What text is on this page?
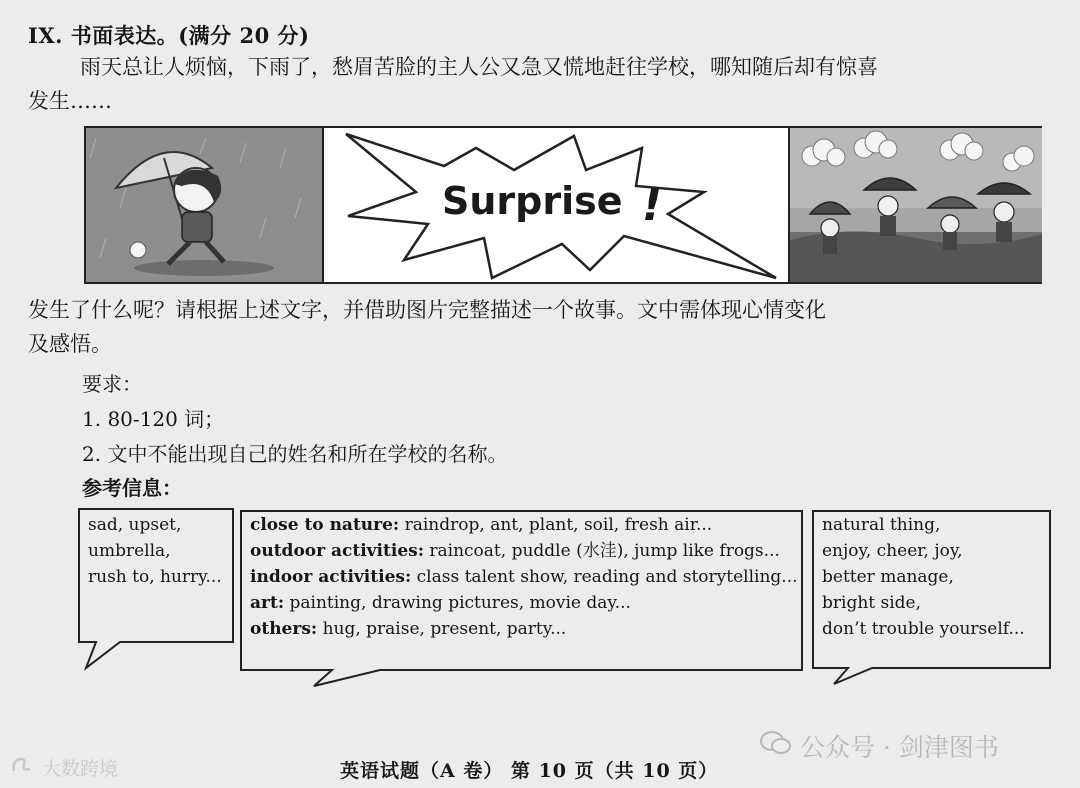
IX. 书面表达。(满分 20 分)
雨天总让人烦恼，下雨了，愁眉苦脸的主人公又急又慌地赶往学校，哪知随后却有惊喜
发生……
Surprise !
发生了什么呢？请根据上述文字，并借助图片完整描述一个故事。文中需体现心情变化
及感悟。
要求：
1. 80-120 词；
2. 文中不能出现自己的姓名和所在学校的名称。
参考信息：
sad, upset,
umbrella,
rush to, hurry...
close to nature: raindrop, ant, plant, soil, fresh air...
outdoor activities: raincoat, puddle (水洼), jump like frogs...
indoor activities: class talent show, reading and storytelling...
art: painting, drawing pictures, movie day...
others: hug, praise, present, party...
natural thing,
enjoy, cheer, joy,
better manage,
bright side,
don’t trouble yourself...
公众号 · 剑津图书
英语试题（A 卷） 第 10 页（共 10 页）
大数跨境
